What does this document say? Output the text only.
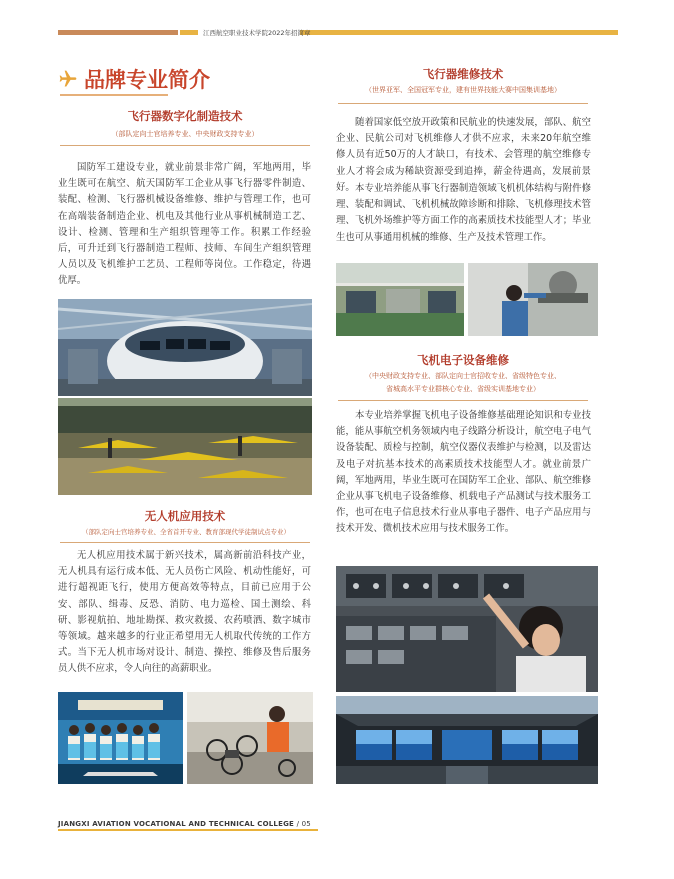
江西航空职业技术学院2022年招简章
品牌专业简介
飞行器数字化制造技术
（部队定向士官培养专业、中央财政支持专业）
国防军工建设专业，就业前景非常广阔，军地两用，毕业生既可在航空、航天国防军工企业从事飞行器零件制造、装配、检测、飞行器机械设备维修、维护与管理工作，也可在高端装备制造企业、机电及其他行业从事机械制造工艺、设计、检测、管理和生产组织管理等工作。积累工作经验后，可升迁到飞行器制造工程师、技师、车间生产组织管理人员以及飞机维护工艺员、工程师等岗位。工作稳定，待遇优厚。
无人机应用技术
（部队定向士官培养专业、全省首开专业、教育部现代学徒制试点专业）
无人机应用技术属于新兴技术，属高新前沿科技产业，无人机具有运行成本低、无人员伤亡风险、机动性能好，可进行超视距飞行，使用方便高效等特点，目前已应用于公安、部队、缉毒、反恐、消防、电力巡检、国土测绘、科研、影视航拍、地址勘探、救灾救援、农药喷洒、数字城市等领域。越来越多的行业正希望用无人机取代传统的工作方式。当下无人机市场对设计、制造、操控、维修及售后服务员人供不应求，令人向往的高薪职业。
飞行器维修技术
（世界亚军、全国冠军专业，建有世界技能大赛中国集训基地）
随着国家低空放开政策和民航业的快速发展，部队、航空企业、民航公司对飞机维修人才供不应求，未来20年航空维修人员有近50万的人才缺口，有技术、会管理的航空维修专业人才将会成为稀缺资源受到追捧，薪金待遇高，发展前景好。 本专业培养能从事飞行器制造领域飞机机体结构与附件修理、装配和调试、飞机机械故障诊断和排除、飞机修理技术管理、飞机外场维护等方面工作的高素质技术技能型人才；毕业生也可从事通用机械的维修、生产及技术管理工作。
飞机电子设备维修
（中央财政支持专业、部队定向士官招收专业、省级特色专业、
省城高水平专业群核心专业、省级实训基地专业）
本专业培养掌握飞机电子设备维修基础理论知识和专业技能，能从事航空机务领域内电子线路分析设计，航空电子电气设备装配、质检与控制，航空仪器仪表维护与检测，以及雷达及电子对抗基本技术的高素质技术技能型人才。就业前景广阔，军地两用，毕业生既可在国防军工企业、部队、航空维修企业从事飞机电子设备维修、机载电子产品测试与技术服务工作，也可在电子信息技术行业从事电子器件、电子产品应用与技术开发、微机技术应用与技术服务工作。
JIANGXI AVIATION VOCATIONAL AND TECHNICAL COLLEGE / 05
